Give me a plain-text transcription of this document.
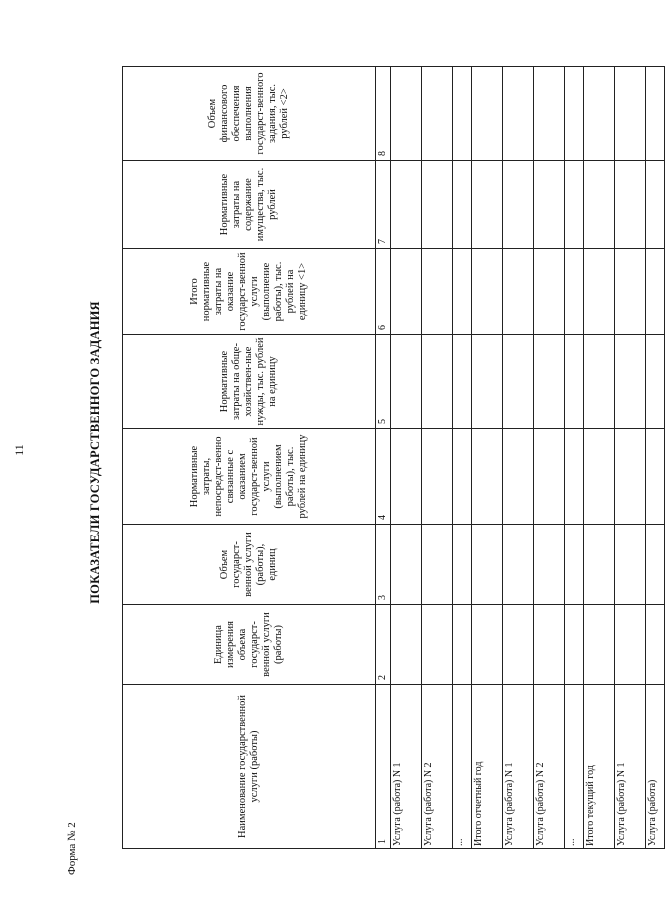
11
Форма № 2
ПОКАЗАТЕЛИ ГОСУДАРСТВЕННОГО ЗАДАНИЯ
Наименование государственной услуги (работы)	Единица измерения объема государст-венной услуги (работы)	Объем государст-венной услуги (работы), единиц	Нормативные затраты, непосредст-венно связанные с оказанием государст-венной услуги (выполнением работы), тыс. рублей на единицу	Нормативные затраты на обще-хозяйствен-ные нужды, тыс. рублей на единицу	Итого нормативные затраты на оказание государст-венной услуги (выполнение работы), тыс. рублей на единицу <1>	Нормативные затраты на содержание имущества, тыс. рублей	Объем финансового обеспечения выполнения государст-венного задания, тыс. рублей <2>
1	2	3	4	5	6	7	8
Услуга (работа) N 1							
Услуга (работа) N 2							
...							
Итого отчетный год							
Услуга (работа) N 1							
Услуга (работа) N 2							
...							
Итого текущий год							
Услуга (работа) N 1							
Услуга (работа)							
